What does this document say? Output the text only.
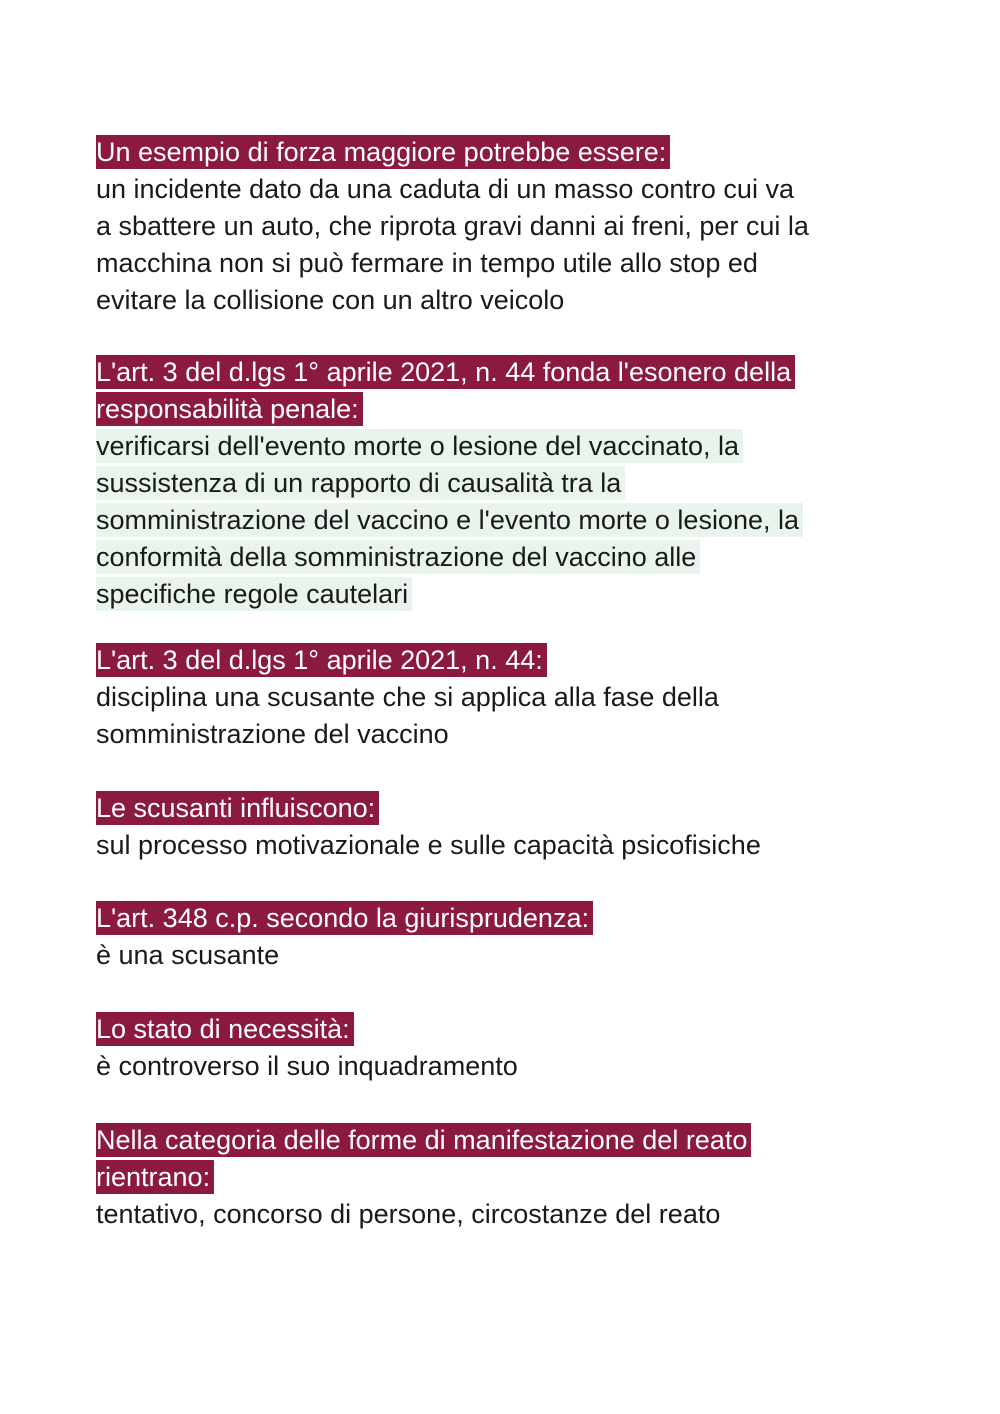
Un esempio di forza maggiore potrebbe essere:
un incidente dato da una caduta di un masso contro cui va
a sbattere un auto, che riprota gravi danni ai freni, per cui la
macchina non si può fermare in tempo utile allo stop ed
evitare la collisione con un altro veicolo
L'art. 3 del d.lgs 1° aprile 2021, n. 44 fonda l'esonero della
responsabilità penale:
verificarsi dell'evento morte o lesione del vaccinato, la
sussistenza di un rapporto di causalità tra la
somministrazione del vaccino e l'evento morte o lesione, la
conformità della somministrazione del vaccino alle
specifiche regole cautelari
L'art. 3 del d.lgs 1° aprile 2021, n. 44:
disciplina una scusante che si applica alla fase della
somministrazione del vaccino
Le scusanti influiscono:
sul processo motivazionale e sulle capacità psicofisiche
L'art. 348 c.p. secondo la giurisprudenza:
è una scusante
Lo stato di necessità:
è controverso il suo inquadramento
Nella categoria delle forme di manifestazione del reato
rientrano:
tentativo, concorso di persone, circostanze del reato
